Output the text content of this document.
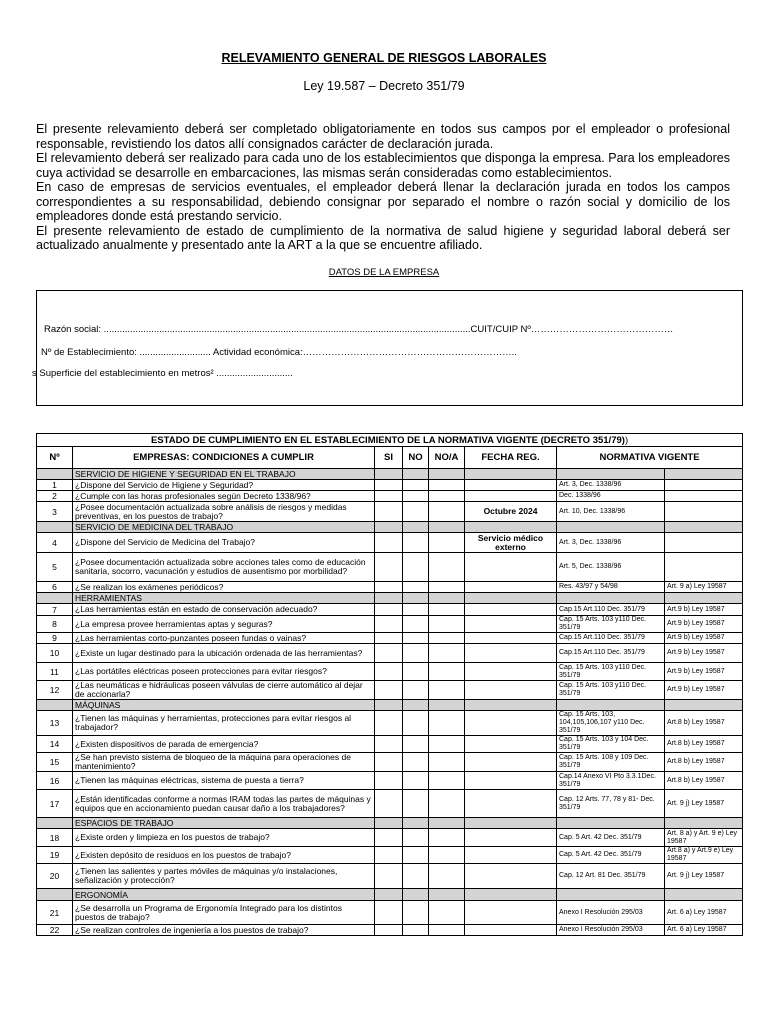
RELEVAMIENTO GENERAL DE RIESGOS LABORALES
Ley 19.587 – Decreto 351/79

El presente relevamiento deberá ser completado obligatoriamente en todos sus campos por el empleador o profesional responsable, revistiendo los datos allí consignados carácter de declaración jurada.

El relevamiento deberá ser realizado para cada uno de los establecimientos que disponga la empresa. Para los empleadores cuya actividad se desarrolle en embarcaciones, las mismas serán consideradas como establecimientos.

En caso de empresas de servicios eventuales, el empleador deberá llenar la declaración jurada en todos los campos correspondientes a su responsabilidad, debiendo consignar por separado el nombre o razón social y domicilio de los empleadores donde está prestando servicio.

El presente relevamiento de estado de cumplimiento de la normativa de salud higiene y seguridad laboral deberá ser actualizado anualmente y presentado ante la ART a la que se encuentre afiliado.

DATOS DE LA EMPRESA
Razón social: ...........................................................................................................................................CUIT/CUIP Nº………………………………………
Nº de Establecimiento: ........................... Actividad económica:…………………………………………………………..
s Superficie del establecimiento en metros² .............................
ESTADO DE CUMPLIMIENTO EN EL ESTABLECIMIENTO DE LA NORMATIVA VIGENTE (DECRETO 351/79))							
Nº	EMPRESAS: CONDICIONES A CUMPLIR	SI	NO	NO/A	FECHA REG.	NORMATIVA VIGENTE	
	SERVICIO DE HIGIENE Y SEGURIDAD EN EL TRABAJO						
1	¿Dispone del Servicio de Higiene y Seguridad?					Art. 3, Dec. 1338/96	
2	¿Cumple con las horas profesionales según Decreto 1338/96?					Dec. 1338/96	
3	¿Posee documentación actualizada sobre análisis de riesgos y medidas preventivas, en los puestos de trabajo?				Octubre 2024	Art. 10, Dec. 1338/96	
	SERVICIO DE MEDICINA DEL TRABAJO						
4	¿Dispone del Servicio de Medicina del Trabajo?				Servicio médico externo	Art. 3, Dec. 1338/96	
5	¿Posee documentación actualizada sobre acciones tales como de educación sanitaria, socorro, vacunación y estudios de ausentismo por morbilidad?					Art. 5, Dec. 1338/96	
6	¿Se realizan los exámenes periódicos?					Res. 43/97 y 54/98	Art. 9 a) Ley 19587
	HERRAMIENTAS						
7	¿Las herramientas están en estado de conservación adecuado?					Cap.15 Art.110 Dec. 351/79	Art.9 b) Ley 19587
8	¿La empresa provee herramientas aptas y seguras?					Cap. 15 Arts. 103 y110 Dec. 351/79	Art.9 b) Ley 19587
9	¿Las herramientas corto-punzantes poseen fundas o vainas?					Cap.15 Art.110 Dec. 351/79	Art.9 b) Ley 19587
10	¿Existe un lugar destinado para la ubicación ordenada de las herramientas?					Cap.15 Art.110 Dec. 351/79	Art.9 b) Ley 19587
11	¿Las portátiles eléctricas poseen protecciones para evitar riesgos?					Cap. 15 Arts. 103 y110 Dec. 351/79	Art.9 b) Ley 19587
12	¿Las neumáticas e hidráulicas poseen válvulas de cierre automático al dejar de accionarla?					Cap. 15 Arts. 103 y110 Dec. 351/79	Art.9 b) Ley 19587
	MÁQUINAS						
13	¿Tienen las máquinas y herramientas, protecciones para evitar riesgos al trabajador?					Cap. 15 Arts. 103, 104,105,106,107 y110 Dec. 351/79	Art.8 b) Ley 19587
14	¿Existen dispositivos de parada de emergencia?					Cap. 15 Arts. 103 y 104 Dec. 351/79	Art.8 b) Ley 19587
15	¿Se han previsto sistema de bloqueo de la máquina para operaciones de mantenimiento?					Cap. 15 Arts. 108 y 109 Dec. 351/79	Art.8 b) Ley 19587
16	¿Tienen las máquinas eléctricas, sistema de puesta a tierra?					Cap.14 Anexo VI Pto 3.3.1Dec. 351/79	Art.8 b) Ley 19587
17	¿Están identificadas conforme a normas IRAM todas las partes de máquinas y equipos que en accionamiento puedan causar daño a los trabajadores?					Cap. 12 Arts. 77, 78 y 81- Dec. 351/79	Art. 9 j) Ley 19587
	ESPACIOS DE TRABAJO						
18	¿Existe orden y limpieza en los puestos de trabajo?					Cap. 5 Art. 42 Dec. 351/79	Art. 8 a) y Art. 9 e) Ley 19587
19	¿Existen depósito de residuos en los puestos de trabajo?					Cap. 5 Art. 42 Dec. 351/79	Art.8 a) y Art.9 e) Ley 19587
20	¿Tienen las salientes y partes móviles de máquinas y/o instalaciones, señalización y protección?					Cap. 12 Art. 81 Dec. 351/79	Art. 9 j) Ley 19587
	ERGONOMÍA						
21	¿Se desarrolla un Programa de Ergonomía Integrado para los distintos puestos de trabajo?					Anexo I Resolución 295/03	Art. 6 a) Ley 19587
22	¿Se realizan controles de ingeniería a los puestos de trabajo?					Anexo I Resolución 295/03	Art. 6 a) Ley 19587
